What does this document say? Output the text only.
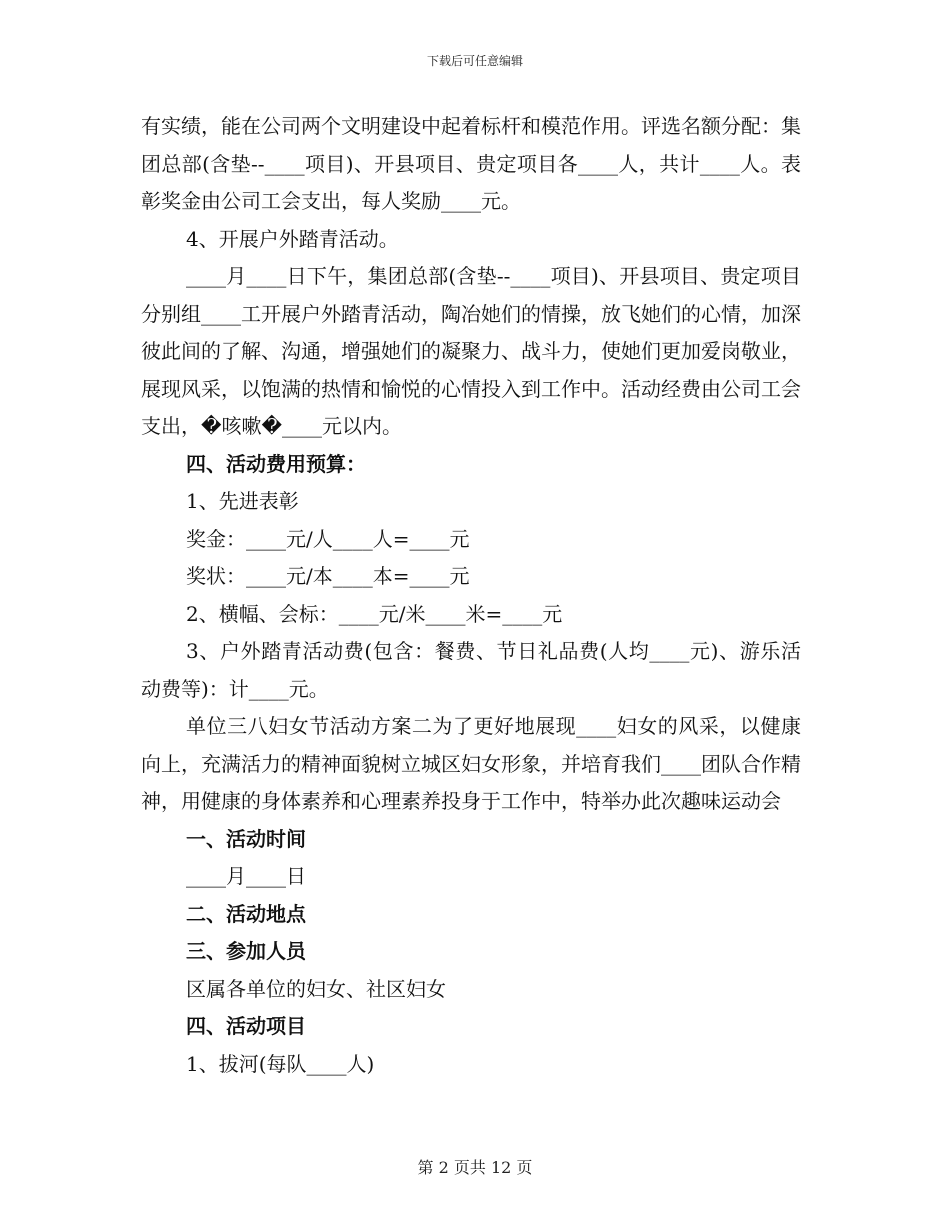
下载后可任意编辑

有实绩，能在公司两个文明建设中起着标杆和模范作用。评选名额分配：集团总部(含垫--____项目)、开县项目、贵定项目各____人，共计____人。表彰奖金由公司工会支出，每人奖励____元。

4、开展户外踏青活动。

____月____日下午，集团总部(含垫--____项目)、开县项目、贵定项目分别组____工开展户外踏青活动，陶冶她们的情操，放飞她们的心情，加深彼此间的了解、沟通，增强她们的凝聚力、战斗力，使她们更加爱岗敬业，展现风采，以饱满的热情和愉悦的心情投入到工作中。活动经费由公司工会支出，�咳嗽�____元以内。

四、活动费用预算：

1、先进表彰

奖金：____元/人____人=____元

奖状：____元/本____本=____元

2、横幅、会标：____元/米____米=____元

3、户外踏青活动费(包含：餐费、节日礼品费(人均____元)、游乐活动费等)：计____元。

单位三八妇女节活动方案二为了更好地展现____妇女的风采，以健康向上，充满活力的精神面貌树立城区妇女形象，并培育我们____团队合作精神，用健康的身体素养和心理素养投身于工作中，特举办此次趣味运动会

一、活动时间

____月____日

二、活动地点

三、参加人员

区属各单位的妇女、社区妇女

四、活动项目

1、拔河(每队____人)

第 2 页共 12 页
